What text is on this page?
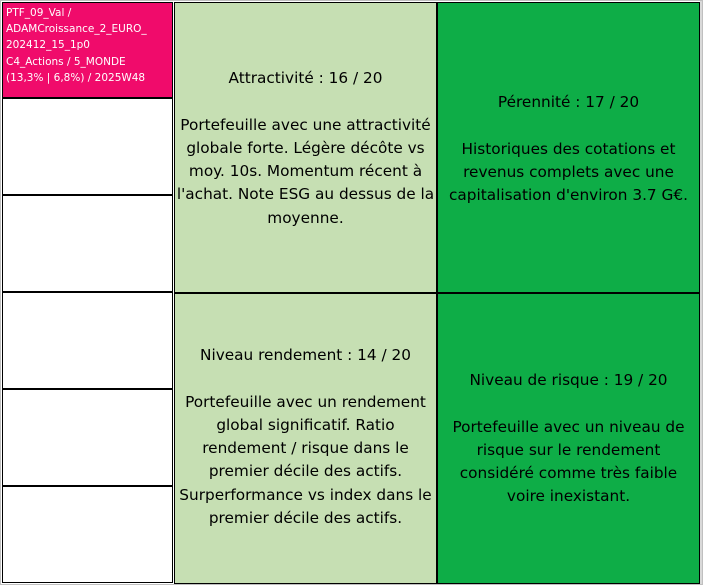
PTF_09_Val /
ADAMCroissance_2_EURO_
202412_15_1p0
C4_Actions / 5_MONDE
(13,3% | 6,8%) / 2025W48	Attractivité : 16 / 20
Portefeuille avec une attractivité
globale forte. Légère décôte vs
moy. 10s. Momentum récent à
l'achat. Note ESG au dessus de la
moyenne.
Pérennité : 17 / 20
Historiques des cotations et
revenus complets avec une
capitalisation d'environ 3.7 G€.
Niveau rendement : 14 / 20
Portefeuille avec un rendement
global significatif. Ratio
rendement / risque dans le
premier décile des actifs.
Surperformance vs index dans le
premier décile des actifs.
Niveau de risque : 19 / 20
Portefeuille avec un niveau de
risque sur le rendement
considéré comme très faible
voire inexistant.
